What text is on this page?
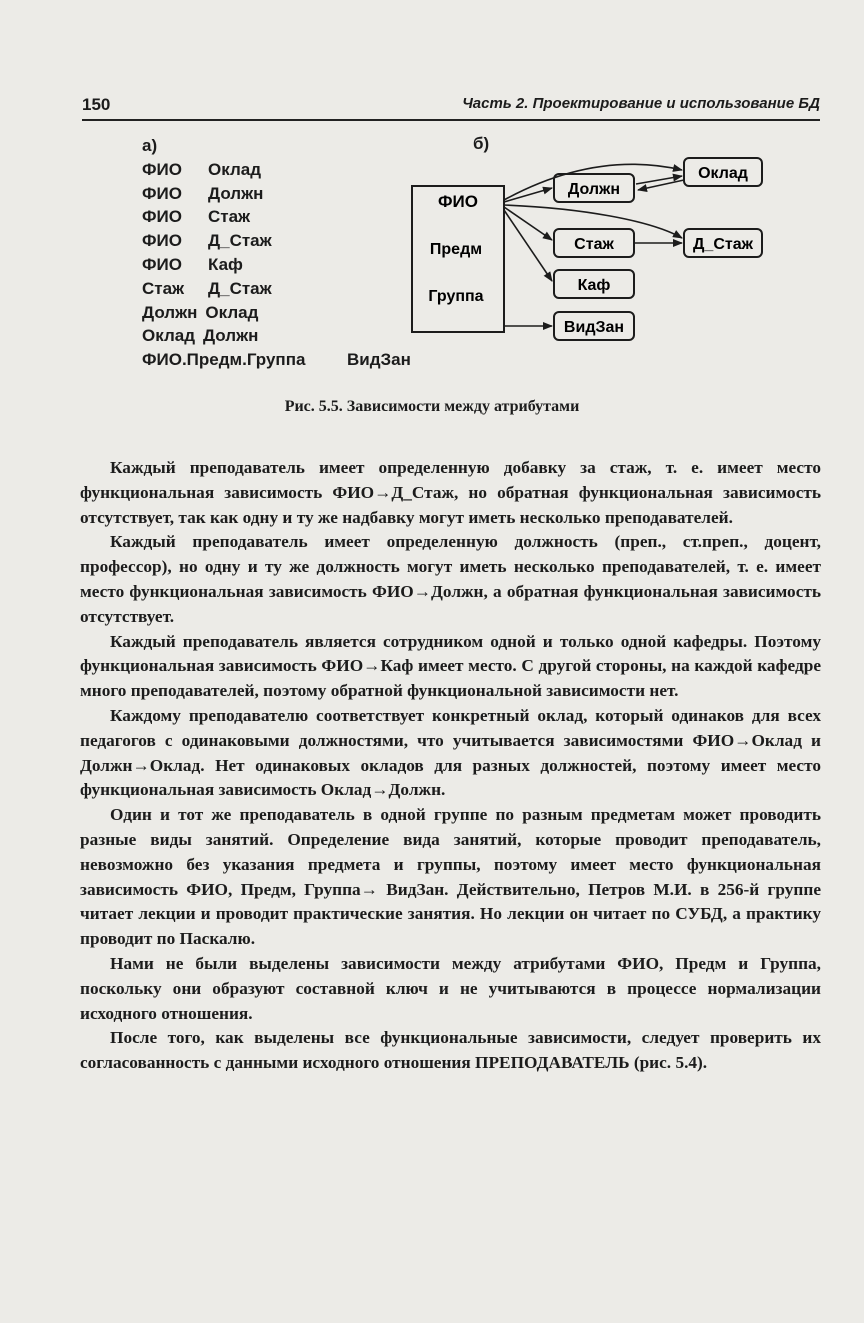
150	Часть 2. Проектирование и использование БД
а)
ФИО Оклад
ФИО Должн
ФИО Стаж
ФИО Д_Стаж
ФИО Каф
Стаж Д_Стаж
Должн Оклад
Оклад Должн
ФИО.Предм.Группа ВидЗан
б)
ФИО
Предм
Группа
Оклад
Должн
Стаж	Д_Стаж
Каф
ВидЗан
Рис. 5.5. Зависимости между атрибутами

Каждый преподаватель имеет определенную добавку за стаж, т. е. имеет место функциональная зависимость ФИО→Д_Стаж, но обратная функциональная зависимость отсутствует, так как одну и ту же надбавку могут иметь несколько преподавателей.

Каждый преподаватель имеет определенную должность (преп., ст.преп., доцент, профессор), но одну и ту же должность могут иметь несколько преподавателей, т. е. имеет место функциональная зависимость ФИО→Должн, а обратная функциональная зависимость отсутствует.

Каждый преподаватель является сотрудником одной и только одной кафедры. Поэтому функциональная зависимость ФИО→Каф имеет место. С другой стороны, на каждой кафедре много преподавателей, поэтому обратной функциональной зависимости нет.

Каждому преподавателю соответствует конкретный оклад, который одинаков для всех педагогов с одинаковыми должностями, что учитывается зависимостями ФИО→Оклад и Должн→Оклад. Нет одинаковых окладов для разных должностей, поэтому имеет место функциональная зависимость Оклад→Должн.

Один и тот же преподаватель в одной группе по разным предметам может проводить разные виды занятий. Определение вида занятий, которые проводит преподаватель, невозможно без указания предмета и группы, поэтому имеет место функциональная зависимость ФИО, Предм, Группа→ ВидЗан. Действительно, Петров М.И. в 256-й группе читает лекции и проводит практические занятия. Но лекции он читает по СУБД, а практику проводит по Паскалю.

Нами не были выделены зависимости между атрибутами ФИО, Предм и Группа, поскольку они образуют составной ключ и не учитываются в процессе нормализации исходного отношения.

После того, как выделены все функциональные зависимости, следует проверить их согласованность с данными исходного отношения ПРЕПОДАВАТЕЛЬ (рис. 5.4).
